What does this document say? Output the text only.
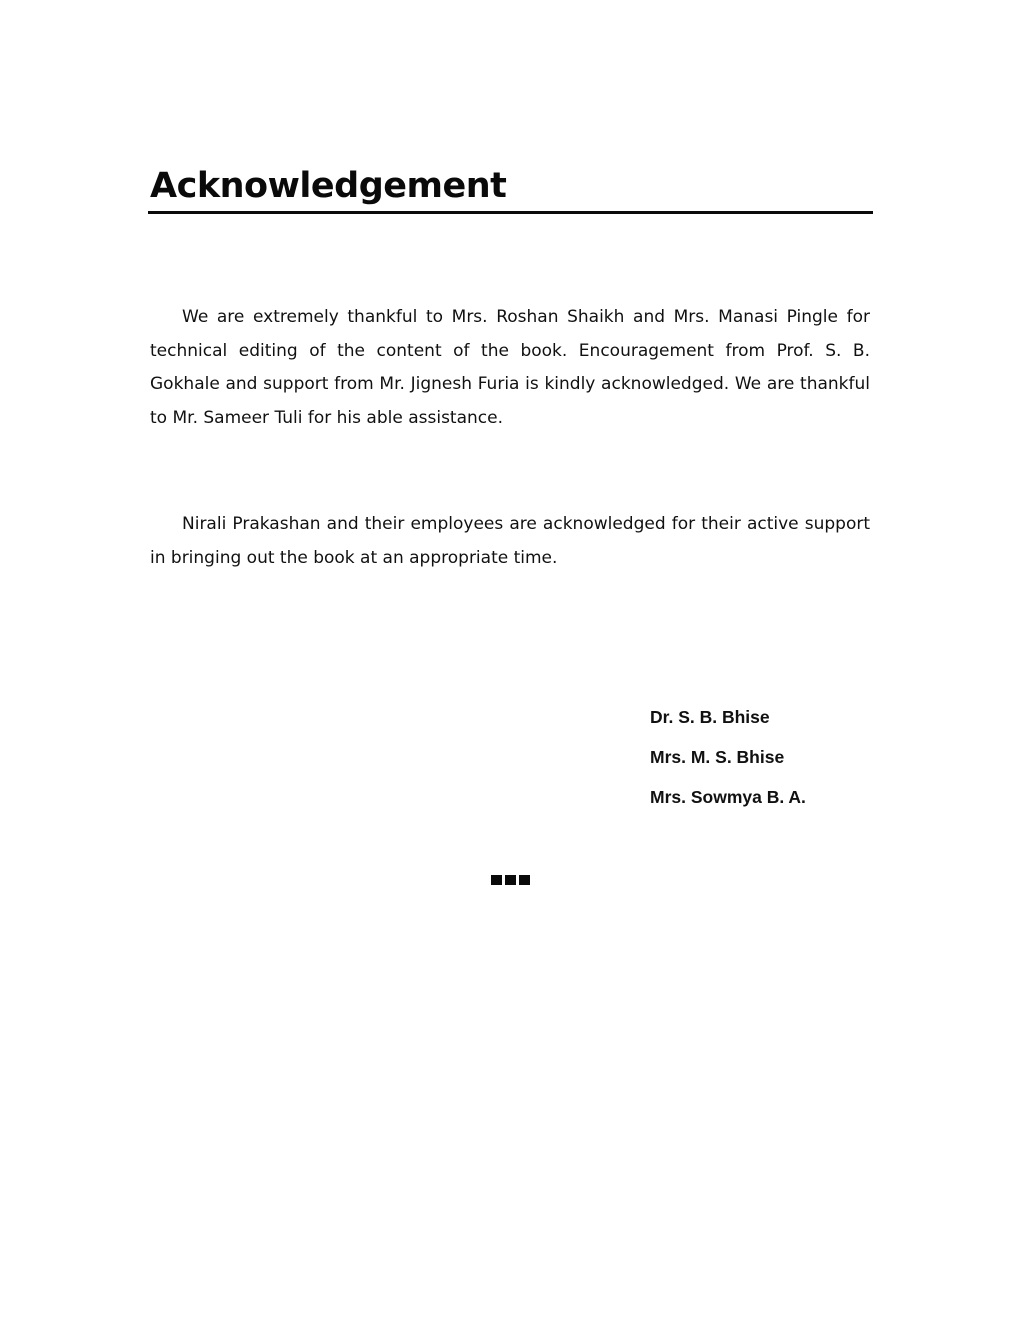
Acknowledgement

We are extremely thankful to Mrs. Roshan Shaikh and Mrs. Manasi Pingle for technical editing of the content of the book. Encouragement from Prof. S. B. Gokhale and support from Mr. Jignesh Furia is kindly acknowledged. We are thankful to Mr. Sameer Tuli for his able assistance.

Nirali Prakashan and their employees are acknowledged for their active support in bringing out the book at an appropriate time.

Dr. S. B. Bhise
Mrs. M. S. Bhise
Mrs. Sowmya B. A.
